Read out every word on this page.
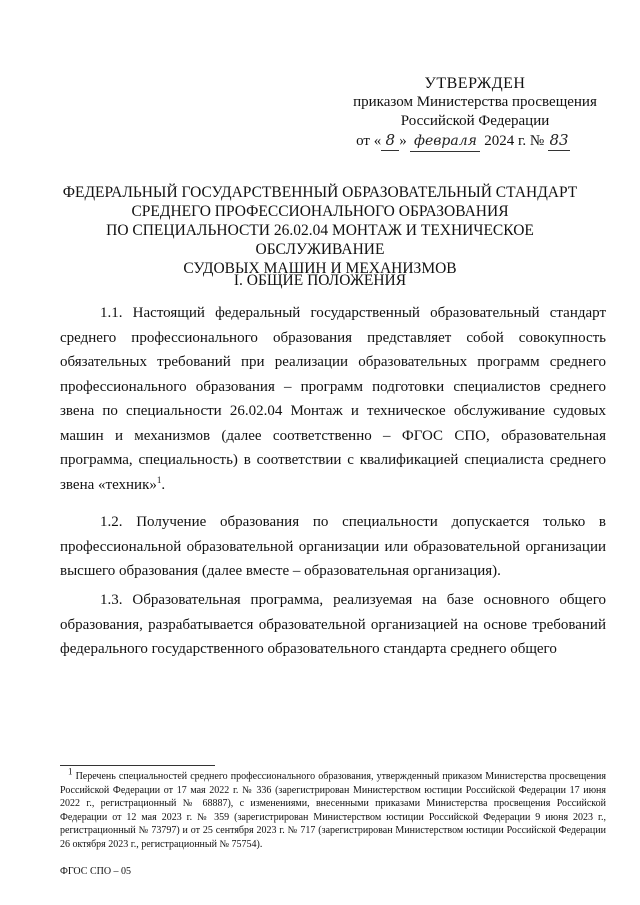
УТВЕРЖДЕН
приказом Министерства просвещения
Российской Федерации
от « 8 » февраля 2024 г. № 83
ФЕДЕРАЛЬНЫЙ ГОСУДАРСТВЕННЫЙ ОБРАЗОВАТЕЛЬНЫЙ СТАНДАРТ
СРЕДНЕГО ПРОФЕССИОНАЛЬНОГО ОБРАЗОВАНИЯ
ПО СПЕЦИАЛЬНОСТИ 26.02.04 МОНТАЖ И ТЕХНИЧЕСКОЕ ОБСЛУЖИВАНИЕ
СУДОВЫХ МАШИН И МЕХАНИЗМОВ
I. ОБЩИЕ ПОЛОЖЕНИЯ

1.1. Настоящий федеральный государственный образовательный стандарт среднего профессионального образования представляет собой совокупность обязательных требований при реализации образовательных программ среднего профессионального образования – программ подготовки специалистов среднего звена по специальности 26.02.04 Монтаж и техническое обслуживание судовых машин и механизмов (далее соответственно – ФГОС СПО, образовательная программа, специальность) в соответствии с квалификацией специалиста среднего звена «техник»$^1$.

1.2. Получение образования по специальности допускается только в профессиональной образовательной организации или образовательной организации высшего образования (далее вместе – образовательная организация).

1.3. Образовательная программа, реализуемая на базе основного общего образования, разрабатывается образовательной организацией на основе требований федерального государственного образовательного стандарта среднего общего

$^1$ Перечень специальностей среднего профессионального образования, утвержденный приказом Министерства просвещения Российской Федерации от 17 мая 2022 г. № 336 (зарегистрирован Министерством юстиции Российской Федерации 17 июня 2022 г., регистрационный № 68887), с изменениями, внесенными приказами Министерства просвещения Российской Федерации от 12 мая 2023 г. № 359 (зарегистрирован Министерством юстиции Российской Федерации 9 июня 2023 г., регистрационный № 73797) и от 25 сентября 2023 г. № 717 (зарегистрирован Министерством юстиции Российской Федерации 26 октября 2023 г., регистрационный № 75754).

ФГОС СПО – 05
